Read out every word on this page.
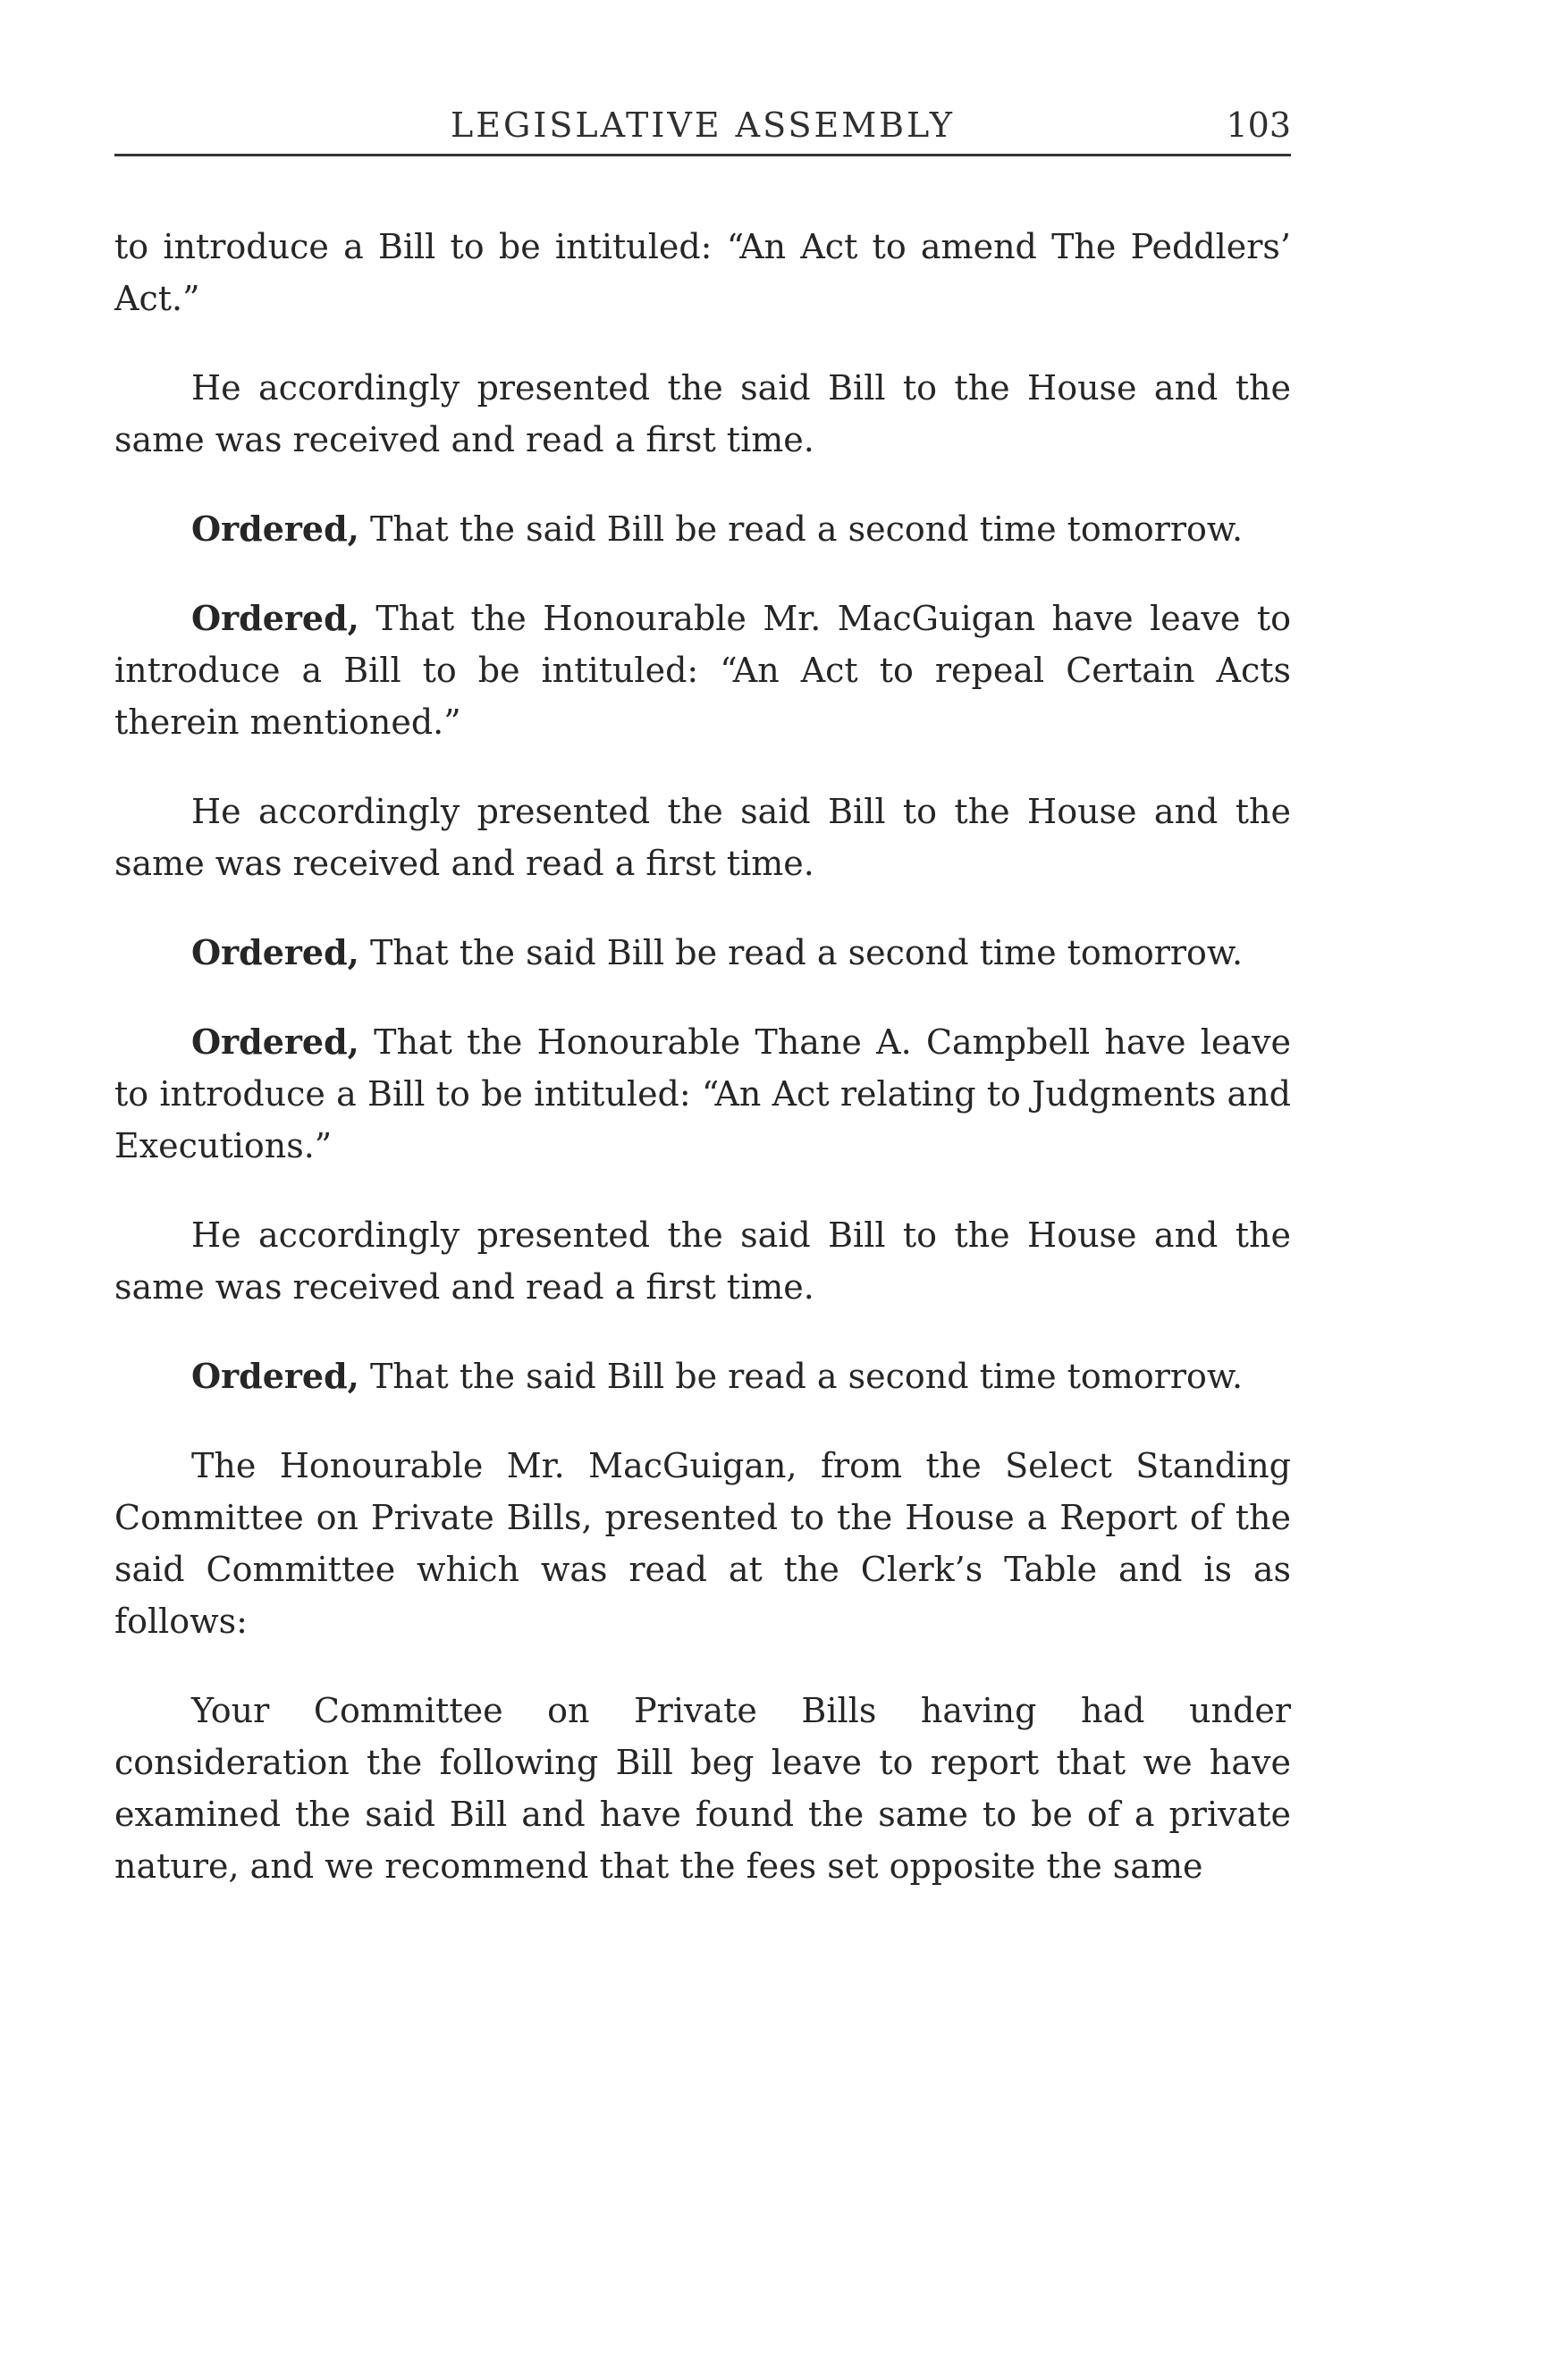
LEGISLATIVE ASSEMBLY	103

to introduce a Bill to be intituled: “An Act to amend The Peddlers’ Act.”

He accordingly presented the said Bill to the House and the same was received and read a first time.

Ordered, That the said Bill be read a second time tomorrow.

Ordered, That the Honourable Mr. MacGuigan have leave to introduce a Bill to be intituled: “An Act to repeal Certain Acts therein mentioned.”

He accordingly presented the said Bill to the House and the same was received and read a first time.

Ordered, That the said Bill be read a second time tomorrow.

Ordered, That the Honourable Thane A. Campbell have leave to introduce a Bill to be intituled: “An Act relating to Judgments and Executions.”

He accordingly presented the said Bill to the House and the same was received and read a first time.

Ordered, That the said Bill be read a second time tomorrow.

The Honourable Mr. MacGuigan, from the Select Standing Committee on Private Bills, presented to the House a Report of the said Committee which was read at the Clerk’s Table and is as follows:

Your Committee on Private Bills having had under consideration the following Bill beg leave to report that we have examined the said Bill and have found the same to be of a private nature, and we recommend that the fees set opposite the same
